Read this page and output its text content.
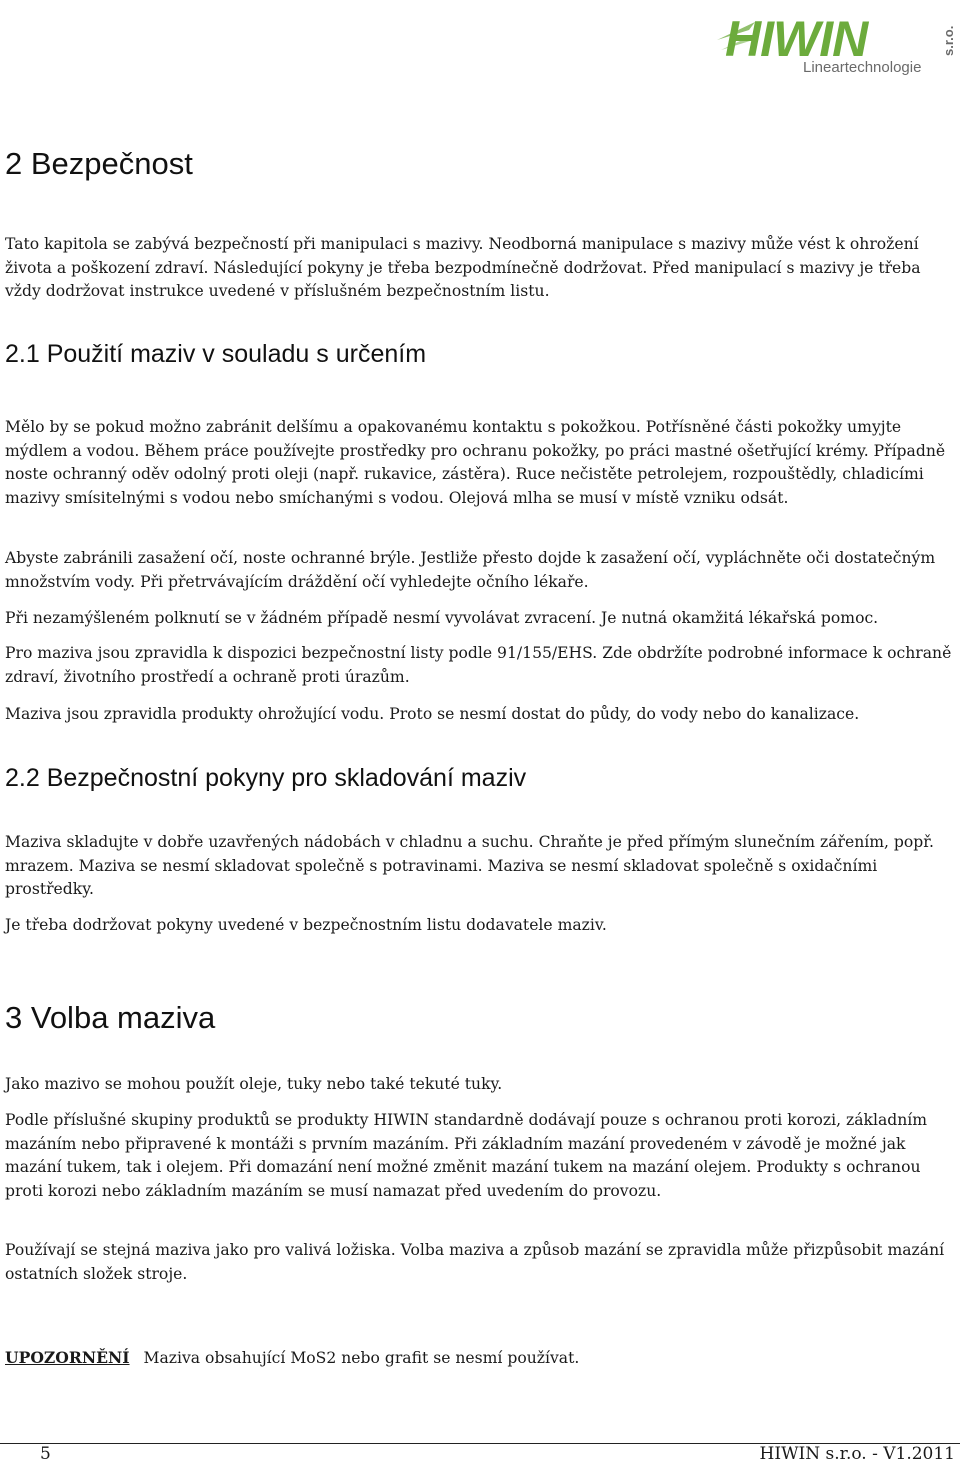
HIWIN	s.r.o.
Lineartechnologie
2 Bezpečnost

Tato kapitola se zabývá bezpečností při manipulaci s mazivy. Neodborná manipulace s mazivy může vést k ohrožení života a poškození zdraví. Následující pokyny je třeba bezpodmínečně dodržovat. Před manipulací s mazivy je třeba vždy dodržovat instrukce uvedené v příslušném bezpečnostním listu.

2.1 Použití maziv v souladu s určením

Mělo by se pokud možno zabránit delšímu a opakovanému kontaktu s pokožkou. Potřísněné části pokožky umyjte mýdlem a vodou. Během práce používejte prostředky pro ochranu pokožky, po práci mastné ošetřující krémy. Případně noste ochranný oděv odolný proti oleji (např. rukavice, zástěra). Ruce nečistěte petrolejem, rozpouštědly, chladicími mazivy smísitelnými s vodou nebo smíchanými s vodou. Olejová mlha se musí v místě vzniku odsát.

Abyste zabránili zasažení očí, noste ochranné brýle. Jestliže přesto dojde k zasažení očí, vypláchněte oči dostatečným množstvím vody. Při přetrvávajícím dráždění očí vyhledejte očního lékaře.

Při nezamýšleném polknutí se v žádném případě nesmí vyvolávat zvracení. Je nutná okamžitá lékařská pomoc.

Pro maziva jsou zpravidla k dispozici bezpečnostní listy podle 91/155/EHS. Zde obdržíte podrobné informace k ochraně zdraví, životního prostředí a ochraně proti úrazům.

Maziva jsou zpravidla produkty ohrožující vodu. Proto se nesmí dostat do půdy, do vody nebo do kanalizace.

2.2 Bezpečnostní pokyny pro skladování maziv

Maziva skladujte v dobře uzavřených nádobách v chladnu a suchu. Chraňte je před přímým slunečním zářením, popř. mrazem. Maziva se nesmí skladovat společně s potravinami. Maziva se nesmí skladovat společně s oxidačními prostředky.

Je třeba dodržovat pokyny uvedené v bezpečnostním listu dodavatele maziv.

3 Volba maziva

Jako mazivo se mohou použít oleje, tuky nebo také tekuté tuky.

Podle příslušné skupiny produktů se produkty HIWIN standardně dodávají pouze s ochranou proti korozi, základním mazáním nebo připravené k montáži s prvním mazáním. Při základním mazání provedeném v závodě je možné jak mazání tukem, tak i olejem. Při domazání není možné změnit mazání tukem na mazání olejem. Produkty s ochranou proti korozi nebo základním mazáním se musí namazat před uvedením do provozu.

Používají se stejná maziva jako pro valivá ložiska. Volba maziva a způsob mazání se zpravidla může přizpůsobit mazání ostatních složek stroje.

UPOZORNĚNÍ Maziva obsahující MoS2 nebo grafit se nesmí používat.
5	HIWIN s.r.o. - V1.2011
